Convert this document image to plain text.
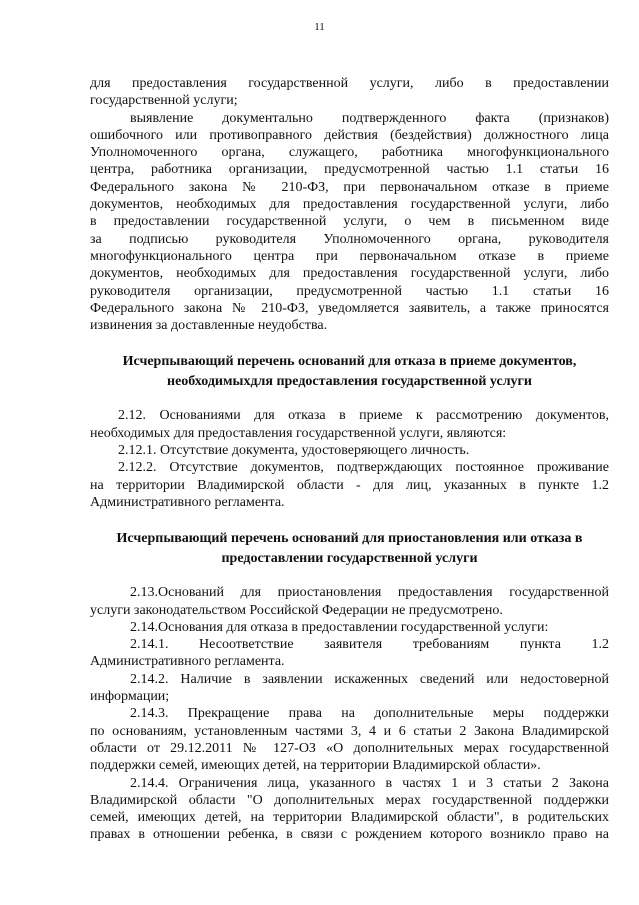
11

для предоставления государственной услуги, либо в предоставлении

государственной услуги;

выявление документально подтвержденного факта (признаков)

ошибочного или противоправного действия (бездействия) должностного лица

Уполномоченного органа, служащего, работника многофункционального

центра, работника организации, предусмотренной частью 1.1 статьи 16

Федерального закона № 210-ФЗ, при первоначальном отказе в приеме

документов, необходимых для предоставления государственной услуги, либо

в предоставлении государственной услуги, о чем в письменном виде

за подписью руководителя Уполномоченного органа, руководителя

многофункционального центра при первоначальном отказе в приеме

документов, необходимых для предоставления государственной услуги, либо

руководителя организации, предусмотренной частью 1.1 статьи 16

Федерального закона № 210-ФЗ, уведомляется заявитель, а также приносятся

извинения за доставленные неудобства.

Исчерпывающий перечень оснований для отказа в приеме документов,
необходимыхдля предоставления государственной услуги

2.12. Основаниями для отказа в приеме к рассмотрению документов,

необходимых для предоставления государственной услуги, являются:

2.12.1. Отсутствие документа, удостоверяющего личность.

2.12.2. Отсутствие документов, подтверждающих постоянное проживание

на территории Владимирской области - для лиц, указанных в пункте 1.2

Административного регламента.

Исчерпывающий перечень оснований для приостановления или отказа в
предоставлении государственной услуги

2.13.Оснований для приостановления предоставления государственной

услуги законодательством Российской Федерации не предусмотрено.

2.14.Основания для отказа в предоставлении государственной услуги:

2.14.1. Несоответствие заявителя требованиям пункта 1.2

Административного регламента.

2.14.2. Наличие в заявлении искаженных сведений или недостоверной

информации;

2.14.3. Прекращение права на дополнительные меры поддержки

по основаниям, установленным частями 3, 4 и 6 статьи 2 Закона Владимирской

области от 29.12.2011 № 127-ОЗ «О дополнительных мерах государственной

поддержки семей, имеющих детей, на территории Владимирской области».

2.14.4. Ограничения лица, указанного в частях 1 и 3 статьи 2 Закона

Владимирской области "О дополнительных мерах государственной поддержки

семей, имеющих детей, на территории Владимирской области", в родительских

правах в отношении ребенка, в связи с рождением которого возникло право на
